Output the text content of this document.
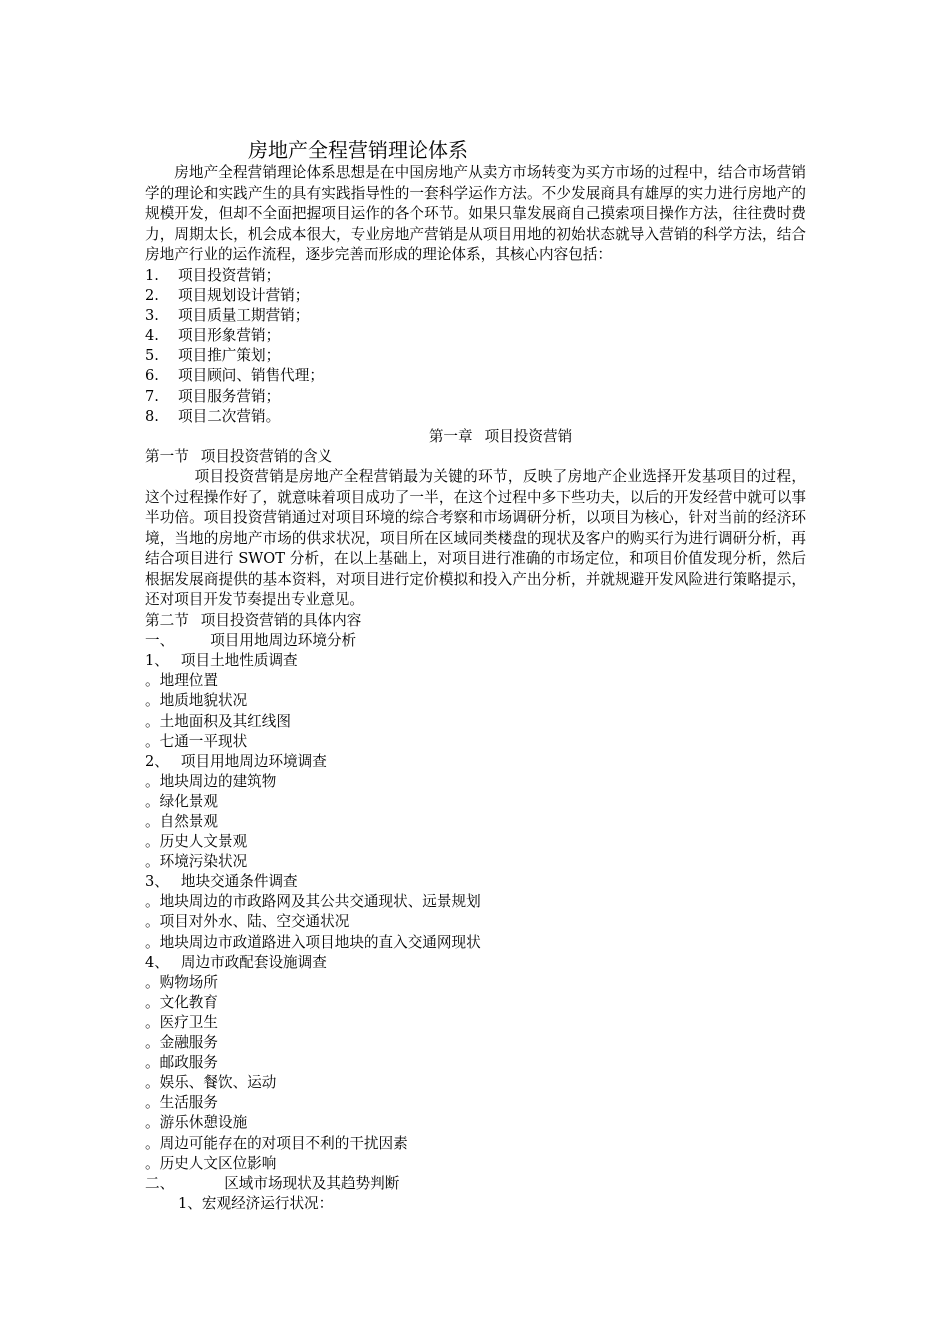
房地产全程营销理论体系

房地产全程营销理论体系思想是在中国房地产从卖方市场转变为买方市场的过程中，结合市场营销学的理论和实践产生的具有实践指导性的一套科学运作方法。不少发展商具有雄厚的实力进行房地产的规模开发，但却不全面把握项目运作的各个环节。如果只靠发展商自己摸索项目操作方法，往往费时费力，周期太长，机会成本很大，专业房地产营销是从项目用地的初始状态就导入营销的科学方法，结合房地产行业的运作流程，逐步完善而形成的理论体系，其核心内容包括：

1. 项目投资营销；
2. 项目规划设计营销；
3. 项目质量工期营销；
4. 项目形象营销；
5. 项目推广策划；
6. 项目顾问、销售代理；
7. 项目服务营销；
8. 项目二次营销。
第一章 项目投资营销
第一节 项目投资营销的含义

项目投资营销是房地产全程营销最为关键的环节，反映了房地产企业选择开发基项目的过程，这个过程操作好了，就意味着项目成功了一半，在这个过程中多下些功夫，以后的开发经营中就可以事半功倍。项目投资营销通过对项目环境的综合考察和市场调研分析，以项目为核心，针对当前的经济环境，当地的房地产市场的供求状况，项目所在区域同类楼盘的现状及客户的购买行为进行调研分析，再结合项目进行 SWOT 分析，在以上基础上，对项目进行准确的市场定位，和项目价值发现分析，然后根据发展商提供的基本资料，对项目进行定价模拟和投入产出分析，并就规避开发风险进行策略提示，还对项目开发节奏提出专业意见。

第二节 项目投资营销的具体内容
一、 项目用地周边环境分析
1、 项目土地性质调查
。地理位置
。地质地貌状况
。土地面积及其红线图
。七通一平现状
2、 项目用地周边环境调查
。地块周边的建筑物
。绿化景观
。自然景观
。历史人文景观
。环境污染状况
3、 地块交通条件调查
。地块周边的市政路网及其公共交通现状、远景规划
。项目对外水、陆、空交通状况
。地块周边市政道路进入项目地块的直入交通网现状
4、 周边市政配套设施调查
。购物场所
。文化教育
。医疗卫生
。金融服务
。邮政服务
。娱乐、餐饮、运动
。生活服务
。游乐休憩设施
。周边可能存在的对项目不利的干扰因素
。历史人文区位影响
二、	区域市场现状及其趋势判断
1、宏观经济运行状况：
